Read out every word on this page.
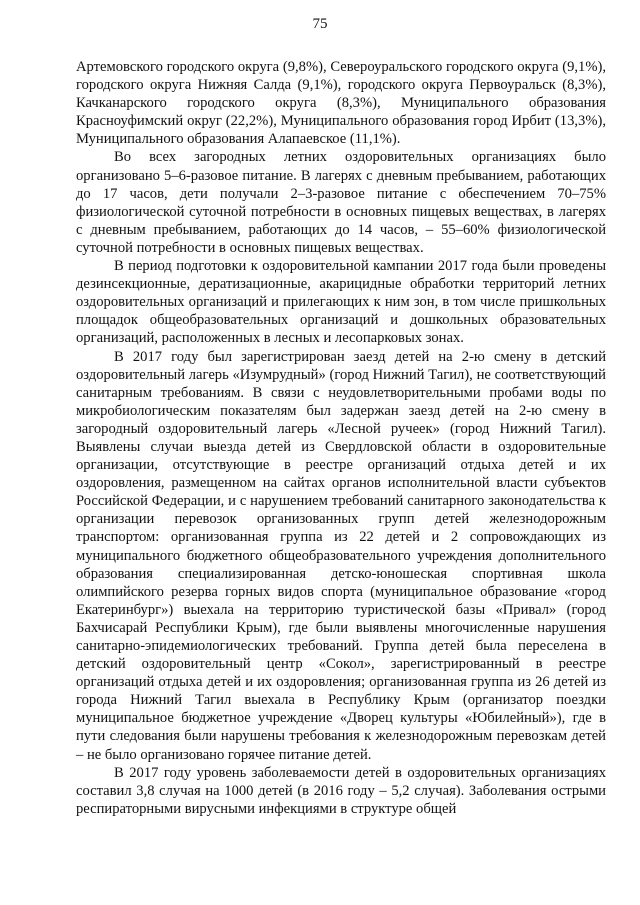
75

Артемовского городского округа (9,8%), Североуральского городского округа (9,1%), городского округа Нижняя Салда (9,1%), городского округа Первоуральск (8,3%), Качканарского городского округа (8,3%), Муниципального образования Красноуфимский округ (22,2%), Муниципального образования город Ирбит (13,3%), Муниципального образования Алапаевское (11,1%).

Во всех загородных летних оздоровительных организациях было организовано 5–6-разовое питание. В лагерях с дневным пребыванием, работающих до 17 часов, дети получали 2–3-разовое питание с обеспечением 70–75% физиологической суточной потребности в основных пищевых веществах, в лагерях с дневным пребыванием, работающих до 14 часов, – 55–60% физиологической суточной потребности в основных пищевых веществах.

В период подготовки к оздоровительной кампании 2017 года были проведены дезинсекционные, дератизационные, акарицидные обработки территорий летних оздоровительных организаций и прилегающих к ним зон, в том числе пришкольных площадок общеобразовательных организаций и дошкольных образовательных организаций, расположенных в лесных и лесопарковых зонах.

В 2017 году был зарегистрирован заезд детей на 2-ю смену в детский оздоровительный лагерь «Изумрудный» (город Нижний Тагил), не соответствующий санитарным требованиям. В связи с неудовлетворительными пробами воды по микробиологическим показателям был задержан заезд детей на 2-ю смену в загородный оздоровительный лагерь «Лесной ручеек» (город Нижний Тагил). Выявлены случаи выезда детей из Свердловской области в оздоровительные организации, отсутствующие в реестре организаций отдыха детей и их оздоровления, размещенном на сайтах органов исполнительной власти субъектов Российской Федерации, и с нарушением требований санитарного законодательства к организации перевозок организованных групп детей железнодорожным транспортом: организованная группа из 22 детей и 2 сопровождающих из муниципального бюджетного общеобразовательного учреждения дополнительного образования специализированная детско-юношеская спортивная школа олимпийского резерва горных видов спорта (муниципальное образование «город Екатеринбург») выехала на территорию туристической базы «Привал» (город Бахчисарай Республики Крым), где были выявлены многочисленные нарушения санитарно-эпидемиологических требований. Группа детей была переселена в детский оздоровительный центр «Сокол», зарегистрированный в реестре организаций отдыха детей и их оздоровления; организованная группа из 26 детей из города Нижний Тагил выехала в Республику Крым (организатор поездки муниципальное бюджетное учреждение «Дворец культуры «Юбилейный»), где в пути следования были нарушены требования к железнодорожным перевозкам детей – не было организовано горячее питание детей.

В 2017 году уровень заболеваемости детей в оздоровительных организациях составил 3,8 случая на 1000 детей (в 2016 году – 5,2 случая). Заболевания острыми респираторными вирусными инфекциями в структуре общей
